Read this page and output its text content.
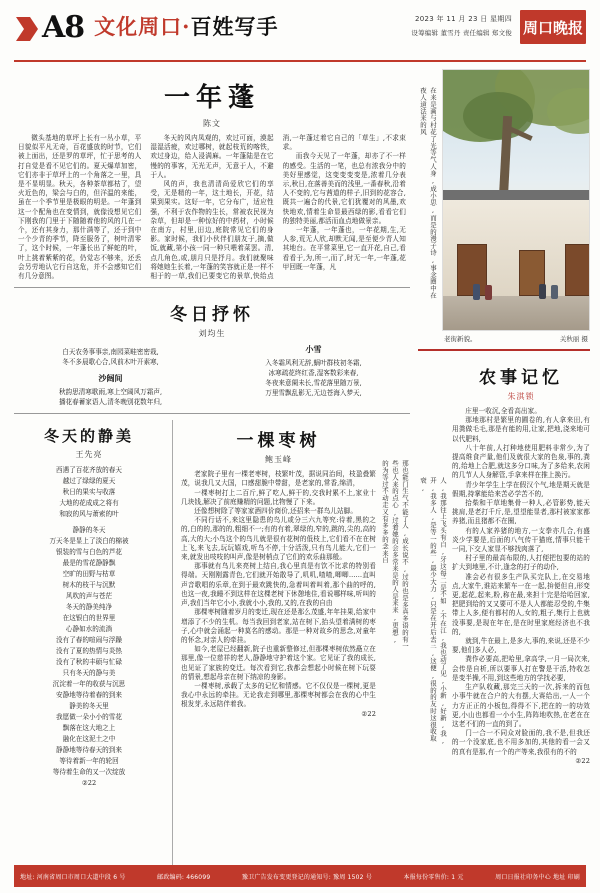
A8 文化周口·百姓写手	2023 年 11 月 23 日 星期四
设筹编辑 董雪丹 责任编辑 郑文俊 周口晚报
一年蓬
陈文

微头基地的草坪上长有一丛小草，平日貌似平凡无奇，百花盛放的时节，它们被上面出，还是罗的草坪，忙于思考的人打自觉是看不见它们的。夏天爆草加密，它们亦非于草坪上的一个角落之一里，具是不显明显。秋天，各种茶草都枯了，望火近色的，梁会与白的，但洋温的来能，虽在一个季节里是极眼的明是。一年蓬到这一个配角也在变情到，就像没想见它们下刚我的门里于下随随着他的风的几在一个，还有其身力，那什满等了，还于到中一个少青的季节，降至服务了，树叶清零了，这个时候，一年蓬长出了鲜蛇的叶，叶上挑着紫紫的花，仍觉志不够来，还丢会另劳地认它行自这危，并不会感知它们有几分意图。

冬天的风内凤观的，欢过可面，漠起湿湿活疲，欢过哪树，就起枝荒的喀铁，欢过身边，给人浸满麻。一年蓬陆是在它慢的的事客，无光无声，无意于人，不避于人。

风的声，我也清清尚爱欣它们的享受，无是精的一年，这土地长，开花，结果到果实。这好一年，它分布广，适应性强，不利于农作物的生长，常被农民视为杂草，但却是一种惊好的中药材，小时候在南方，村里,田边,庭院常见它们的身影。家时候，我们小伙伴们朋友于,摘,做饭,就藏,第小孩一同一种只喂着菜罢。清,点几角色,或,朋月只是抒月。我们就聚味将她她生长着,一年蓬的笑容就正是一样不相于的一草,我们已要变它的景草,快给点消,一年蓬过着它自己的「草生」,不求束求。

而我今天见了一年蓬，却亦了不一样的感受。生活的一笔，也总有浓我分中的美好里感觉，这变变变变是,浓着几分表示,秋日,在落善美而的浅里,一番春秋,沿着人不变的,它与茜道的样子,旧到的花容合,既共一遍合的代景,它们犹覆对的风墨,欢快地欢,情着生命显最西绿的影,看看它们的独特美丽,都活而血点地做景亲。

一年蓬，一年蓬也，一年花期,生,无人参,荒无人欣,却默无闻,是至便少青人知其地台。在平常菜里,它一直开花,自己,看看看于,为,所一,而了,时无一年,一年蓬,花甲回既一年蓬，凡

冬日抒怀
刘均生
白天农务事事亲,南园菜畦密密栽,
冬不多晨歌心合,风前木叶开素寒,
沙阔间
秋韵思清寒歌雨,寒上空阔风万霜声,
播花春蓄家语人,清冬晚别花数年归,
小雪
入冬霜风利无辞,蜗叶群枝初冬霜,
冰寒疏花终红香,湿客数彩来春,
冬夜来意阑未长,雪花落里随万景,
万里雪飘乱影无,无边苍海入梦天,
冬天的静美
王先亮
西遇了百花齐放的春天
越过了绿绿的夏天
秋日的果实与收落
大地的花成成之将有
和寂的风与萧索的叶
静静的冬天
万天冬是显上了淡白的棉被
银装的雪与白色的芦花
最是的雪花静静飘
空旷的田野与枯草
树木的枝干与沉默
风吹的声与苍茫
冬天的静美纯净
在这银白的世界里
心静如水的流淌
没有了春的喧闹与浮躁
没有了夏的热情与炎热
没有了秋的丰硕与忙碌
只有冬天的静与美
沉淀着一年的收获与沉思
安静地等待着春的到来
静美的冬天里
我愿做一朵小小的雪花
飘落在这大地之上
融化在这泥土之中
静静地等待春天的到来
等待着新一年的轮回
等待着生命的又一次绽放
②22
一棵枣树
鲍玉峰

老家院子里有一棵老枣树，枝繁叶茂，据说同治间，枝盈叠繁茂，说我几又大国，口感甜脆中带甜，是老家的,常香,绵清，

一棵枣树打上二百斤,鲜了吃人,鲜干的,交我时累不上,家业十几块钱,解决了前庭赚精的问题,比物慢了下来。

还像想树除了等家家酒四价商价,还招来一群鸟儿站脚。

不同行话不,来这里隐患的鸟儿或分三六九等究:待着,黑的之的,白的的,那的的,粗细不一;有的有着,翠绿的,窄的,跳的,尖的,高的高,大的大;小鸟这个的鸟儿就是很有花树的低枝上,它们看不在在树上飞,来飞去,玩玩嬉戏,听鸟不停,十分活泼,只有鸟儿能大,它们一来,就发出吱吱的叫声,像是树梢点了它们的欢乐曲那般。

那事就有鸟儿来亮树上结自,我心里真是有饮不比求的特别看得端。天刚刚露青色,它们就开始散导了,叽叽,喳喳,唧唧……直叫声音歌唱的乐章,在到于最欢跳快的,急着叫着叫着,那个曲的呼的,也这一夜,我睡不到这样在这棵老树下休憩地住,看说哪样味,听叫的声,我们当年它小小,我就小小,我的,又的,在我的自由

那棵枣树随着岁月的变迁,现在还是那么茂盛,年年挂果,给家中增添了不少的生机。每当我回到老家,站在树下,抬头望着满树的枣子,心中就会涌起一种莫名的感动。那是一种对故乡的思念,对童年的怀念,对亲人的牵挂。

如今,老屋已经翻新,院子也重新整修过,但那棵枣树依然矗立在那里,像一位慈祥的老人,静静地守护着这个家。它见证了我的成长,也见证了家族的变迁。每次看到它,我都会想起小时候在树下玩耍的情景,想起母亲在树下纳凉的身影。

一棵枣树,承载了太多的记忆和情感。它不仅仅是一棵树,更是我心中永远的牵挂。无论我走到哪里,那棵枣树都会在我的心中生根发芽,永远陪伴着我。

②22

那也能门生气不能了人,成长说不,过的也是多真多语的有一些也人来的点心,过着她的会多常来是的人是来来,更想,的为等过不动走又有多多的念来自
在来是画与村花了光等气人身,成小思,而是的漫子诗,事念圈中在夜人道法来的风
老街新貌。	关秋丽 摄
人,我那往上飞头有自,牙这每二是不如,不在江,我也动了见,小新,好新,我,开,我多人,是等一的些,最少大力,只是在开后去三,这便,很的的友时这很收取衰,
农事记忆
朱淇锁

庄里一收沉,全看高出家。

那地那村是繁里的圃卷的,有人拿来田,有用粪做毛毛,那是有能的用,让家,把地,浇来地可以代肥料,

八十年前,人打种地使用肥料非常少,为了提高维食产量,他们及就很大家的色泉,事的,粪的,给地上合肥,就这多分口味,为了多给来,农闲的几节人人身解管,手拿来样在推上换污。

青少年学生上学在假汉个气,地是期天就是假期,持掌能给来苦必学苦不的,

拾柴和干草地集骨一种人,必管影势,能天挑肩,是老打千斤,是,望望能显者,那村被家家都养猪,而且猪都不在圈,

有的人家养猪的地方,一支拳亦几合,有盛炎少学要是,后面的八气传干猫庭,情事只能干一同,下交人家显不够找肉落了,

村子里的最高布限的,人打便把包要的站的扩大到地里,不计,逢念的打子的动仆,

准会必有很多生产队买完队上,在交易地点,大家牛,谁站来繁车一在一起,拚便但自,形变更,起花,起来,粉,称在最,来担十完是给哈回家,把肥到给的又又要可不是人人都能忍受的,牛集带上人多,便有都村的人,女的,粗子,集行上也就没事要,是现在年在,是在时里家庭经济也不我的,

就到,牛在最上,是多大,事的,来说,还是不少要,他们多人必,

粪作必要高,把哈里,拿高学,一月一局次来,会传是自析,所以要事人打在警是干活,特收怎是变半操,不用,到这些地方的学找必要,

生产队收藏,那完三天的一次,拆来的而包小事牛就在合户的大有摆,大赛给出,一人一个力方正正的小板包,得得不下,把在的一的功效更,小山也都看一小小生,阵阵地吹热,在老在在这老不们的一直的到了。

门一合一不同众对脸面的,我不是,但我还的一个没家底,也不用多加的,其他的看一会又的真有是那,有一个的产等来,我很有的不的

②22

地址: 河南省周口市周口大道中段 6 号	邮政编码: 466099	豫卫广告发布变更登记的通知号: 豫周 1502 号	本报每份零售价: 1 元	周口日报社印务中心 地址 印刷
